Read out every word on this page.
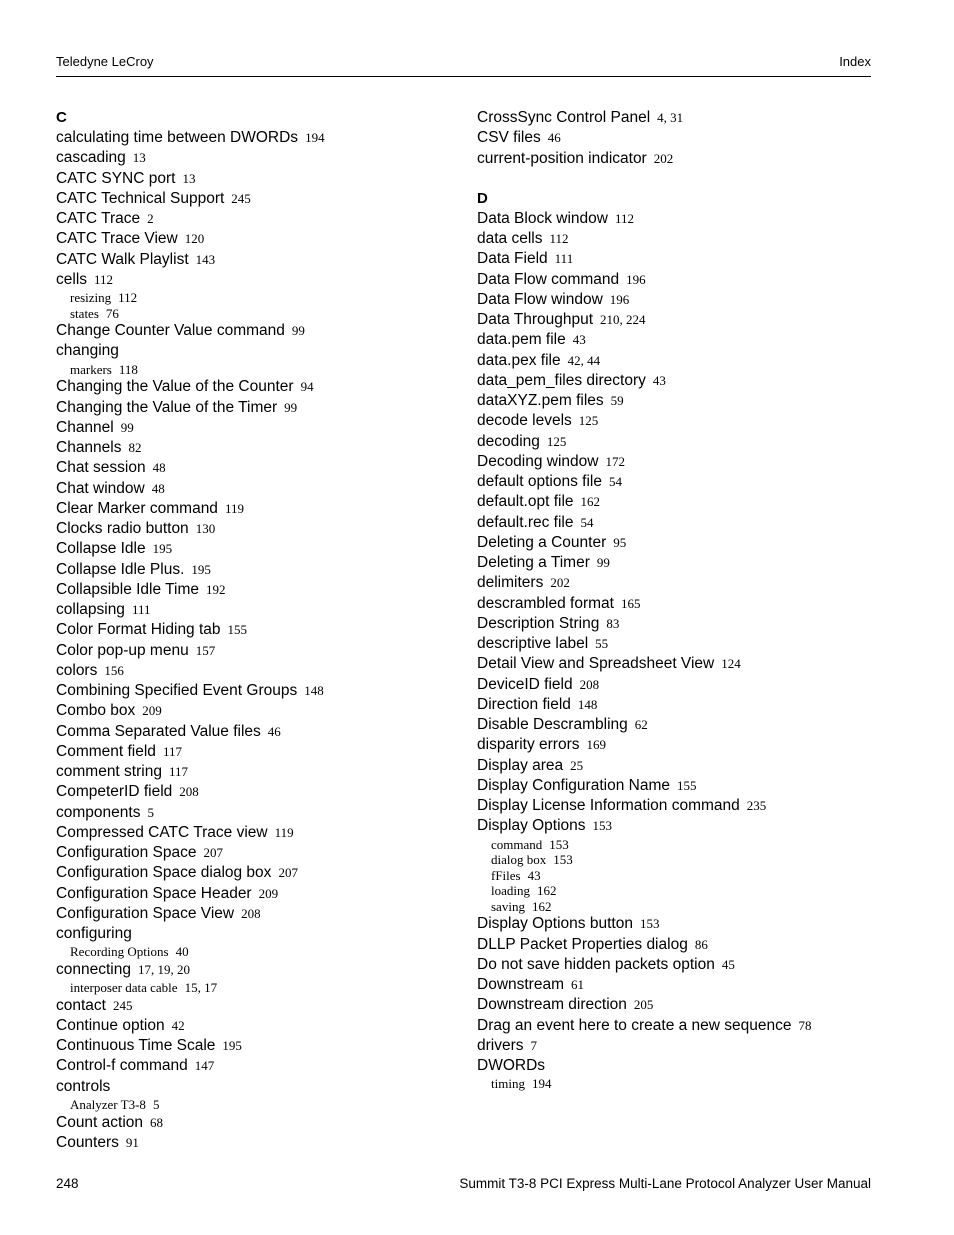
Teledyne LeCroy	Index
C
calculating time between DWORDs 194
cascading 13
CATC SYNC port 13
CATC Technical Support 245
CATC Trace 2
CATC Trace View 120
CATC Walk Playlist 143
cells 112
resizing 112
states 76
Change Counter Value command 99
changing
markers 118
Changing the Value of the Counter 94
Changing the Value of the Timer 99
Channel 99
Channels 82
Chat session 48
Chat window 48
Clear Marker command 119
Clocks radio button 130
Collapse Idle 195
Collapse Idle Plus. 195
Collapsible Idle Time 192
collapsing 111
Color Format Hiding tab 155
Color pop-up menu 157
colors 156
Combining Specified Event Groups 148
Combo box 209
Comma Separated Value files 46
Comment field 117
comment string 117
CompeterID field 208
components 5
Compressed CATC Trace view 119
Configuration Space 207
Configuration Space dialog box 207
Configuration Space Header 209
Configuration Space View 208
configuring
Recording Options 40
connecting 17, 19, 20
interposer data cable 15, 17
contact 245
Continue option 42
Continuous Time Scale 195
Control-f command 147
controls
Analyzer T3-8 5
Count action 68
Counters 91
CrossSync Control Panel 4, 31
CSV files 46
current-position indicator 202
D
Data Block window 112
data cells 112
Data Field 111
Data Flow command 196
Data Flow window 196
Data Throughput 210, 224
data.pem file 43
data.pex file 42, 44
data_pem_files directory 43
dataXYZ.pem files 59
decode levels 125
decoding 125
Decoding window 172
default options file 54
default.opt file 162
default.rec file 54
Deleting a Counter 95
Deleting a Timer 99
delimiters 202
descrambled format 165
Description String 83
descriptive label 55
Detail View and Spreadsheet View 124
DeviceID field 208
Direction field 148
Disable Descrambling 62
disparity errors 169
Display area 25
Display Configuration Name 155
Display License Information command 235
Display Options 153
command 153
dialog box 153
fFiles 43
loading 162
saving 162
Display Options button 153
DLLP Packet Properties dialog 86
Do not save hidden packets option 45
Downstream 61
Downstream direction 205
Drag an event here to create a new sequence 78
drivers 7
DWORDs
timing 194
248	Summit T3-8 PCI Express Multi-Lane Protocol Analyzer User Manual
